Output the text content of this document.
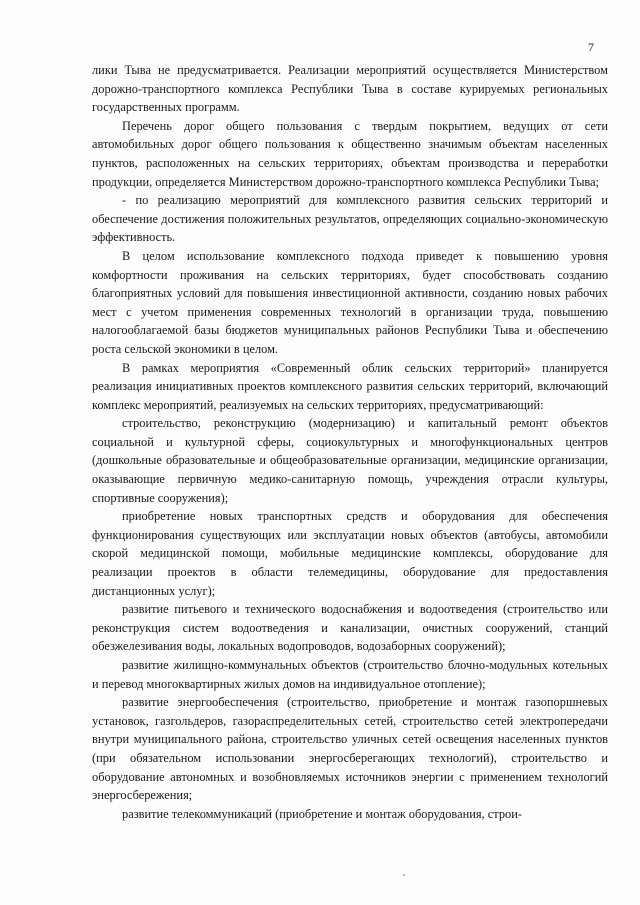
7

лики Тыва не предусматривается. Реализации мероприятий осуществляется Министерством дорожно-транспортного комплекса Республики Тыва в составе курируемых региональных государственных программ.

Перечень дорог общего пользования с твердым покрытием, ведущих от сети автомобильных дорог общего пользования к общественно значимым объектам населенных пунктов, расположенных на сельских территориях, объектам производства и переработки продукции, определяется Министерством дорожно-транспортного комплекса Республики Тыва;

- по реализацию мероприятий для комплексного развития сельских территорий и обеспечение достижения положительных результатов, определяющих социально-экономическую эффективность.

В целом использование комплексного подхода приведет к повышению уровня комфортности проживания на сельских территориях, будет способствовать созданию благоприятных условий для повышения инвестиционной активности, созданию новых рабочих мест с учетом применения современных технологий в организации труда, повышению налогооблагаемой базы бюджетов муниципальных районов Республики Тыва и обеспечению роста сельской экономики в целом.

В рамках мероприятия «Современный облик сельских территорий» планируется реализация инициативных проектов комплексного развития сельских территорий, включающий комплекс мероприятий, реализуемых на сельских территориях, предусматривающий:

строительство, реконструкцию (модернизацию) и капитальный ремонт объектов социальной и культурной сферы, социокультурных и многофункциональных центров (дошкольные образовательные и общеобразовательные организации, медицинские организации, оказывающие первичную медико-санитарную помощь, учреждения отрасли культуры, спортивные сооружения);

приобретение новых транспортных средств и оборудования для обеспечения функционирования существующих или эксплуатации новых объектов (автобусы, автомобили скорой медицинской помощи, мобильные медицинские комплексы, оборудование для реализации проектов в области телемедицины, оборудование для предоставления дистанционных услуг);

развитие питьевого и технического водоснабжения и водоотведения (строительство или реконструкция систем водоотведения и канализации, очистных сооружений, станций обезжелезивания воды, локальных водопроводов, водозаборных сооружений);

развитие жилищно-коммунальных объектов (строительство блочно-модульных котельных и перевод многоквартирных жилых домов на индивидуальное отопление);

развитие энергообеспечения (строительство, приобретение и монтаж газопоршневых установок, газгольдеров, газораспределительных сетей, строительство сетей электропередачи внутри муниципального района, строительство уличных сетей освещения населенных пунктов (при обязательном использовании энергосберегающих технологий), строительство и оборудование автономных и возобновляемых источников энергии с применением технологий энергосбережения;

развитие телекоммуникаций (приобретение и монтаж оборудования, строи-
